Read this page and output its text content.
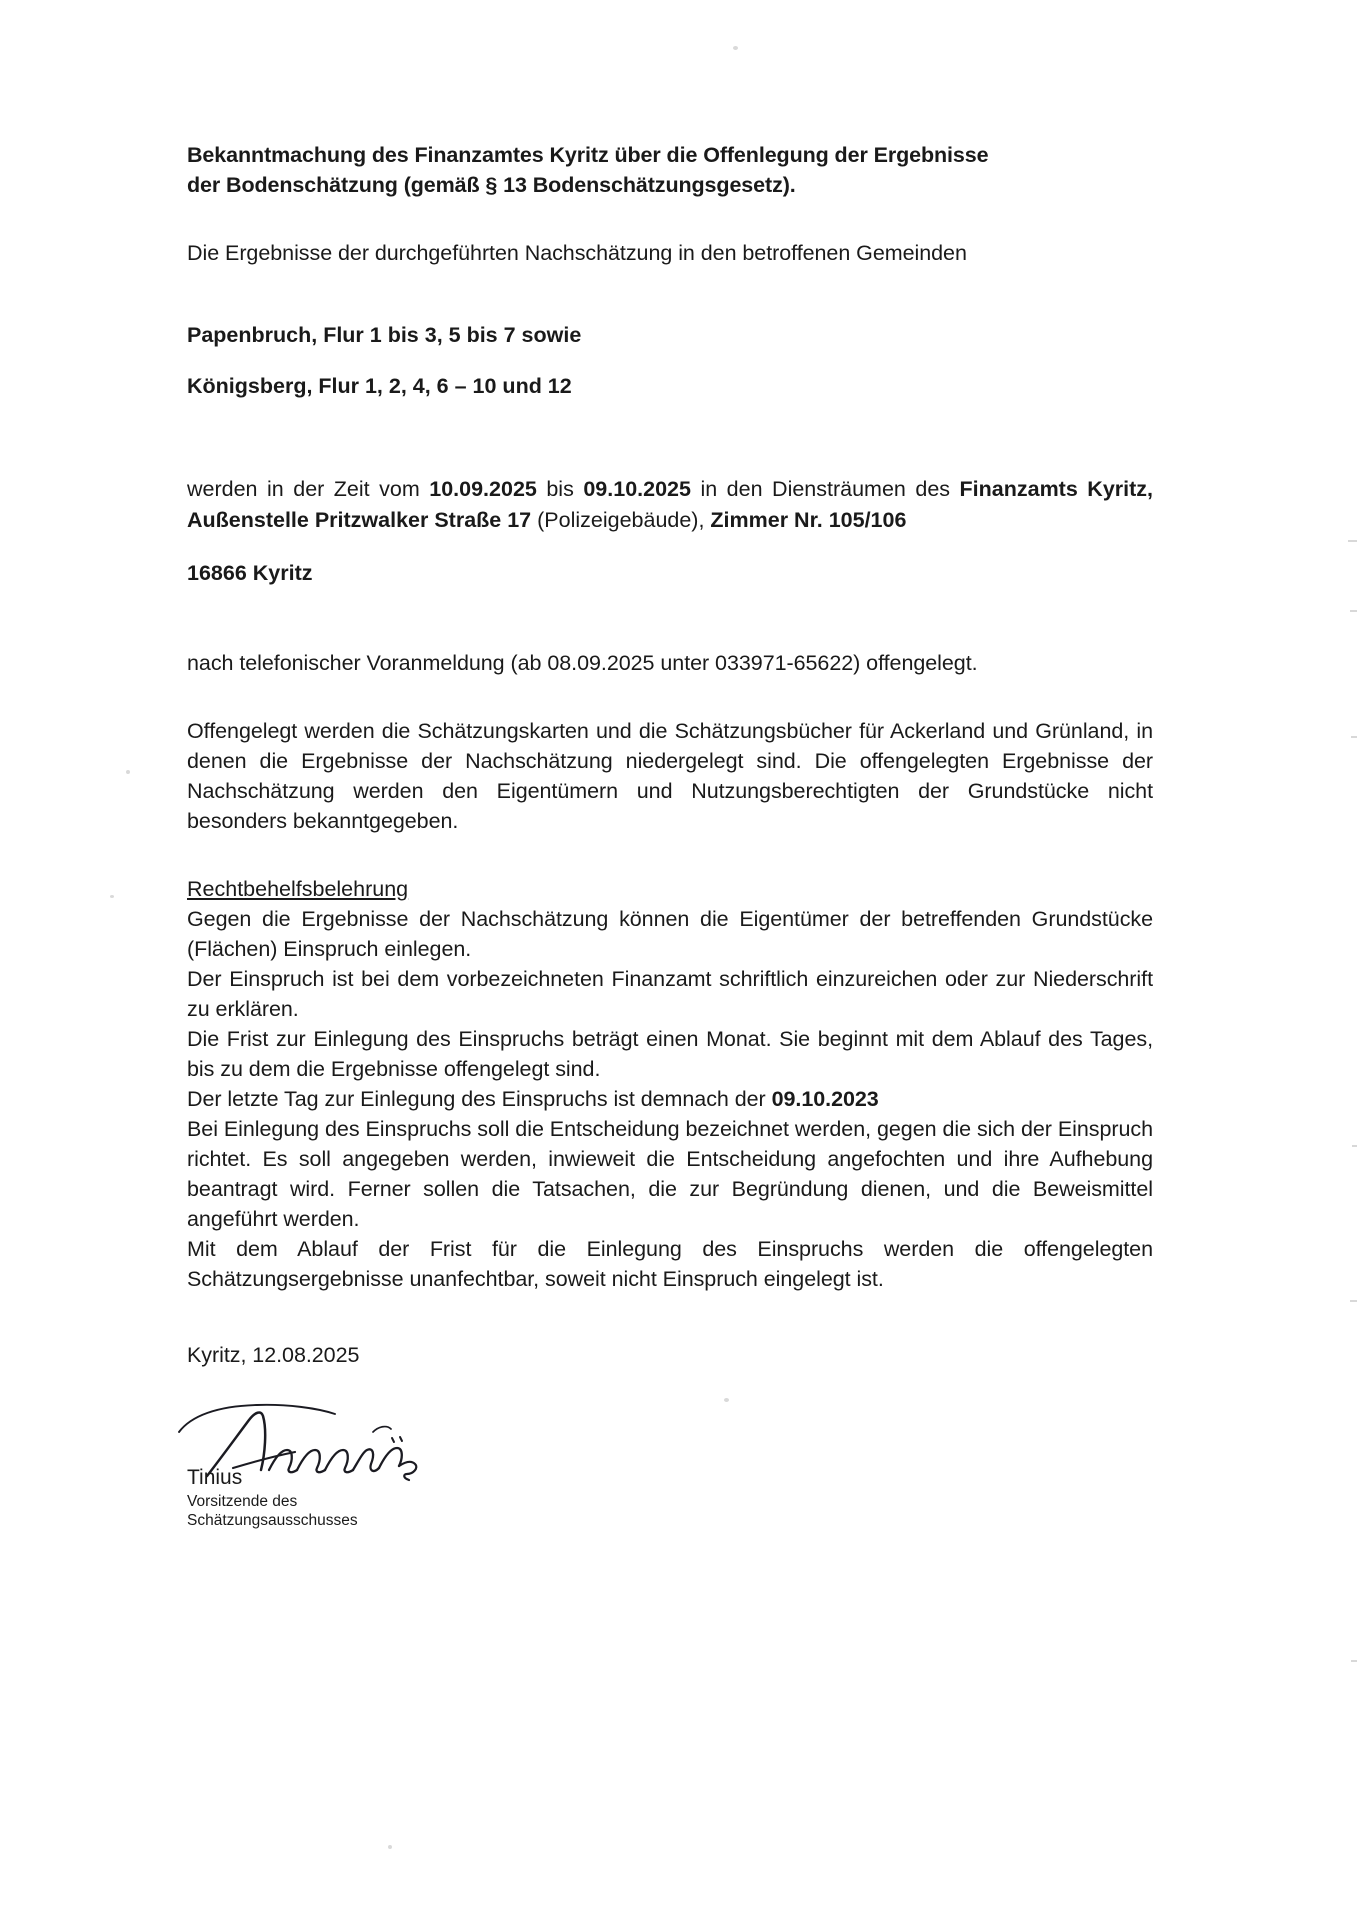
Bekanntmachung des Finanzamtes Kyritz über die Offenlegung der Ergebnisse

der Bodenschätzung (gemäß § 13 Bodenschätzungsgesetz).

Die Ergebnisse der durchgeführten Nachschätzung in den betroffenen Gemeinden

Papenbruch, Flur 1 bis 3, 5 bis 7 sowie

Königsberg, Flur 1, 2, 4, 6 – 10 und 12

werden in der Zeit vom 10.09.2025 bis 09.10.2025 in den Diensträumen des Finanzamts Kyritz, Außenstelle Pritzwalker Straße 17 (Polizeigebäude), Zimmer Nr. 105/106

16866 Kyritz

nach telefonischer Voranmeldung (ab 08.09.2025 unter 033971-65622) offengelegt.

Offengelegt werden die Schätzungskarten und die Schätzungsbücher für Ackerland und Grünland, in denen die Ergebnisse der Nachschätzung niedergelegt sind. Die offengelegten Ergebnisse der Nachschätzung werden den Eigentümern und Nutzungsberechtigten der Grundstücke nicht besonders bekanntgegeben.

Rechtbehelfsbelehrung

Gegen die Ergebnisse der Nachschätzung können die Eigentümer der betreffenden Grundstücke (Flächen) Einspruch einlegen.

Der Einspruch ist bei dem vorbezeichneten Finanzamt schriftlich einzureichen oder zur Niederschrift zu erklären.

Die Frist zur Einlegung des Einspruchs beträgt einen Monat. Sie beginnt mit dem Ablauf des Tages, bis zu dem die Ergebnisse offengelegt sind.

Der letzte Tag zur Einlegung des Einspruchs ist demnach der 09.10.2023

Bei Einlegung des Einspruchs soll die Entscheidung bezeichnet werden, gegen die sich der Einspruch richtet. Es soll angegeben werden, inwieweit die Entscheidung angefochten und ihre Aufhebung beantragt wird. Ferner sollen die Tatsachen, die zur Begründung dienen, und die Beweismittel angeführt werden.

Mit dem Ablauf der Frist für die Einlegung des Einspruchs werden die offengelegten Schätzungsergebnisse unanfechtbar, soweit nicht Einspruch eingelegt ist.

Kyritz, 12.08.2025

Tinius

Vorsitzende des

Schätzungsausschusses
